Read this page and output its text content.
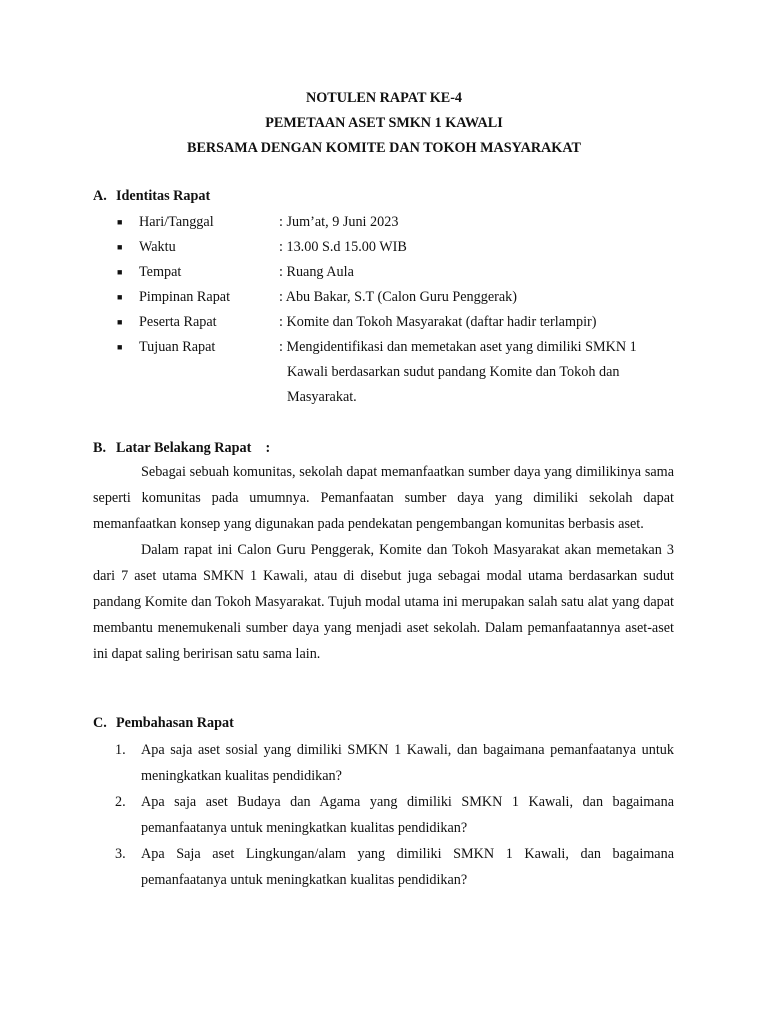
NOTULEN RAPAT KE-4
PEMETAAN ASET SMKN 1 KAWALI
BERSAMA DENGAN KOMITE DAN TOKOH MASYARAKAT
A. Identitas Rapat
■ Hari/Tanggal	: Jum’at, 9 Juni 2023
■ Waktu	: 13.00 S.d 15.00 WIB
■ Tempat	: Ruang Aula
■ Pimpinan Rapat	: Abu Bakar, S.T (Calon Guru Penggerak)
■ Peserta Rapat	: Komite dan Tokoh Masyarakat (daftar hadir terlampir)
■ Tujuan Rapat	: Mengidentifikasi dan memetakan aset yang dimiliki SMKN 1
Kawali berdasarkan sudut pandang Komite dan Tokoh dan
Masyarakat.
B. Latar Belakang Rapat    :

Sebagai sebuah komunitas, sekolah dapat memanfaatkan sumber daya yang dimilikinya sama seperti komunitas pada umumnya. Pemanfaatan sumber daya yang dimiliki sekolah dapat memanfaatkan konsep yang digunakan pada pendekatan pengembangan komunitas berbasis aset.

Dalam rapat ini Calon Guru Penggerak, Komite dan Tokoh Masyarakat akan memetakan 3 dari 7 aset utama SMKN 1 Kawali, atau di disebut juga sebagai modal utama berdasarkan sudut pandang Komite dan Tokoh Masyarakat. Tujuh modal utama ini merupakan salah satu alat yang dapat membantu menemukenali sumber daya yang menjadi aset sekolah. Dalam pemanfaatannya aset-aset ini dapat saling beririsan satu sama lain.

C. Pembahasan Rapat
1. Apa saja aset sosial yang dimiliki SMKN 1 Kawali, dan bagaimana pemanfaatanya untuk meningkatkan kualitas pendidikan?
2. Apa saja aset Budaya dan Agama yang dimiliki SMKN 1 Kawali, dan bagaimana pemanfaatanya untuk meningkatkan kualitas pendidikan?
3. Apa Saja aset Lingkungan/alam yang dimiliki SMKN 1 Kawali, dan bagaimana pemanfaatanya untuk meningkatkan kualitas pendidikan?
